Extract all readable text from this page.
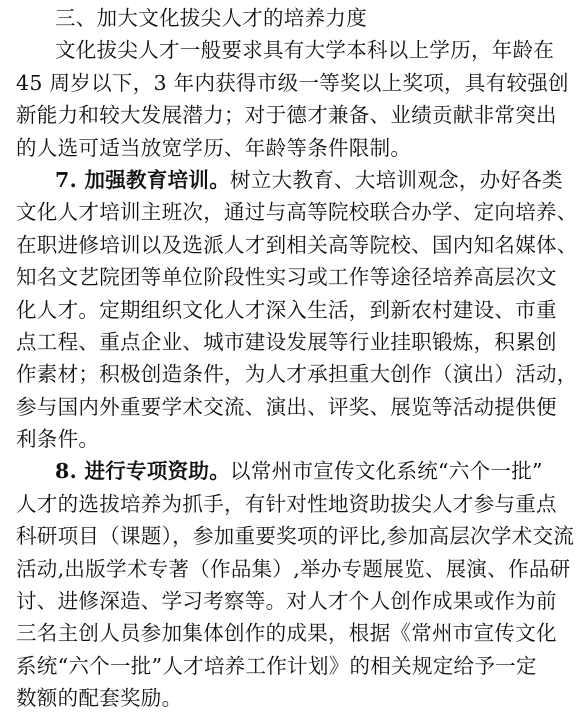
三、加大文化拔尖人才的培养力度
文化拔尖人才一般要求具有大学本科以上学历，年龄在
45 周岁以下，3 年内获得市级一等奖以上奖项，具有较强创
新能力和较大发展潜力；对于德才兼备、业绩贡献非常突出
的人选可适当放宽学历、年龄等条件限制。
7. 加强教育培训。树立大教育、大培训观念，办好各类
文化人才培训主班次，通过与高等院校联合办学、定向培养、
在职进修培训以及选派人才到相关高等院校、国内知名媒体、
知名文艺院团等单位阶段性实习或工作等途径培养高层次文
化人才。定期组织文化人才深入生活，到新农村建设、市重
点工程、重点企业、城市建设发展等行业挂职锻炼，积累创
作素材；积极创造条件，为人才承担重大创作（演出）活动，
参与国内外重要学术交流、演出、评奖、展览等活动提供便
利条件。
8. 进行专项资助。以常州市宣传文化系统“六个一批”
人才的选拔培养为抓手，有针对性地资助拔尖人才参与重点
科研项目（课题），参加重要奖项的评比,参加高层次学术交流
活动,出版学术专著（作品集）,举办专题展览、展演、作品研
讨、进修深造、学习考察等。对人才个人创作成果或作为前
三名主创人员参加集体创作的成果，根据《常州市宣传文化
系统“六个一批”人才培养工作计划》的相关规定给予一定
数额的配套奖励。
